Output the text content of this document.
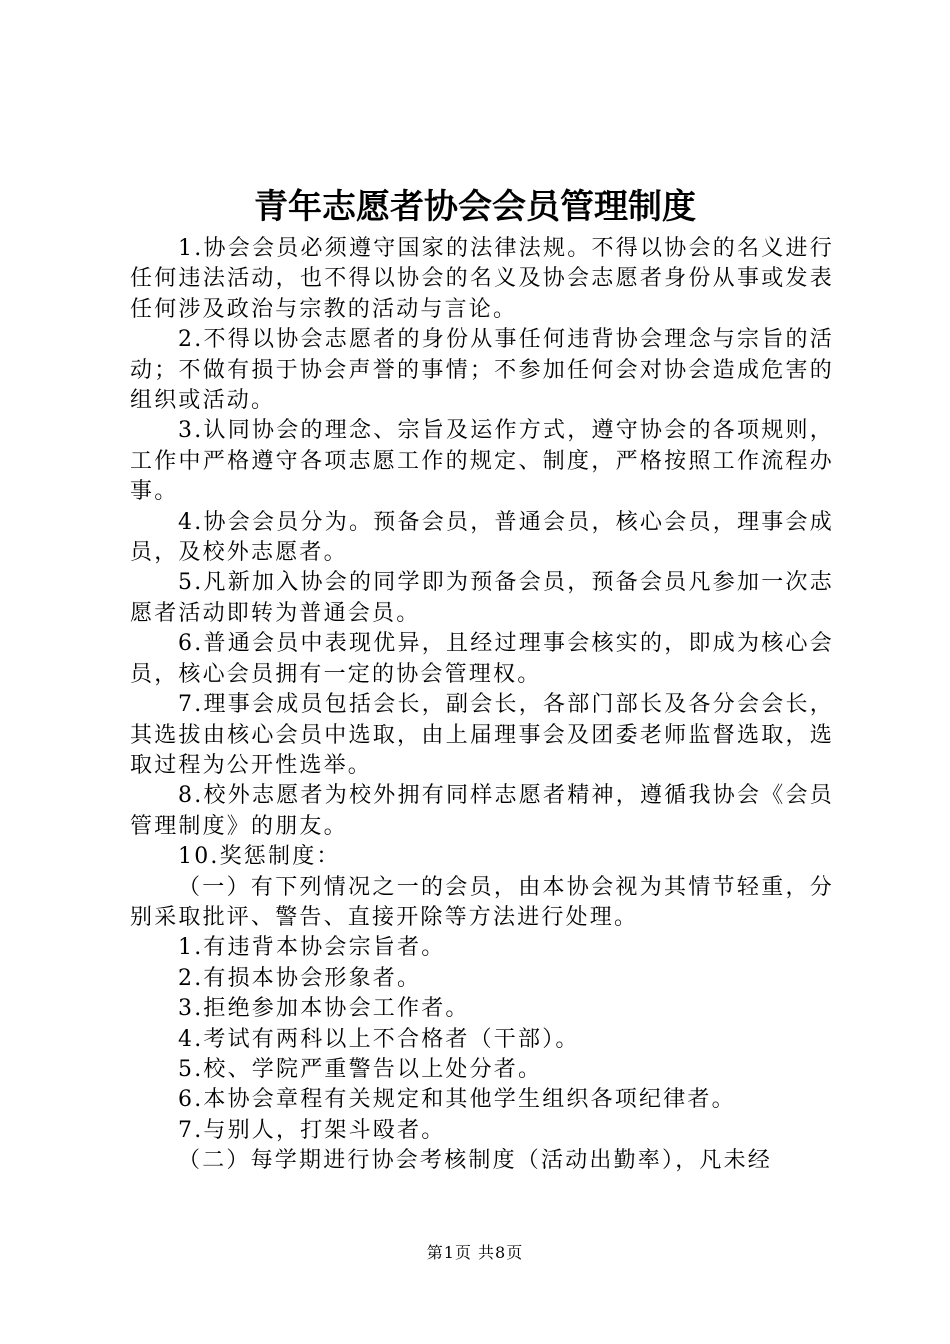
青年志愿者协会会员管理制度

1.协会会员必须遵守国家的法律法规。不得以协会的名义进行任何违法活动，也不得以协会的名义及协会志愿者身份从事或发表任何涉及政治与宗教的活动与言论。

2.不得以协会志愿者的身份从事任何违背协会理念与宗旨的活动；不做有损于协会声誉的事情；不参加任何会对协会造成危害的组织或活动。

3.认同协会的理念、宗旨及运作方式，遵守协会的各项规则，工作中严格遵守各项志愿工作的规定、制度，严格按照工作流程办事。

4.协会会员分为。预备会员，普通会员，核心会员，理事会成员，及校外志愿者。

5.凡新加入协会的同学即为预备会员，预备会员凡参加一次志愿者活动即转为普通会员。

6.普通会员中表现优异，且经过理事会核实的，即成为核心会员，核心会员拥有一定的协会管理权。

7.理事会成员包括会长，副会长，各部门部长及各分会会长，其选拔由核心会员中选取，由上届理事会及团委老师监督选取，选取过程为公开性选举。

8.校外志愿者为校外拥有同样志愿者精神，遵循我协会《会员管理制度》的朋友。

10.奖惩制度：

（一）有下列情况之一的会员，由本协会视为其情节轻重，分别采取批评、警告、直接开除等方法进行处理。

1.有违背本协会宗旨者。

2.有损本协会形象者。

3.拒绝参加本协会工作者。

4.考试有两科以上不合格者（干部）。

5.校、学院严重警告以上处分者。

6.本协会章程有关规定和其他学生组织各项纪律者。

7.与别人，打架斗殴者。

（二）每学期进行协会考核制度（活动出勤率），凡未经

第1页 共8页
